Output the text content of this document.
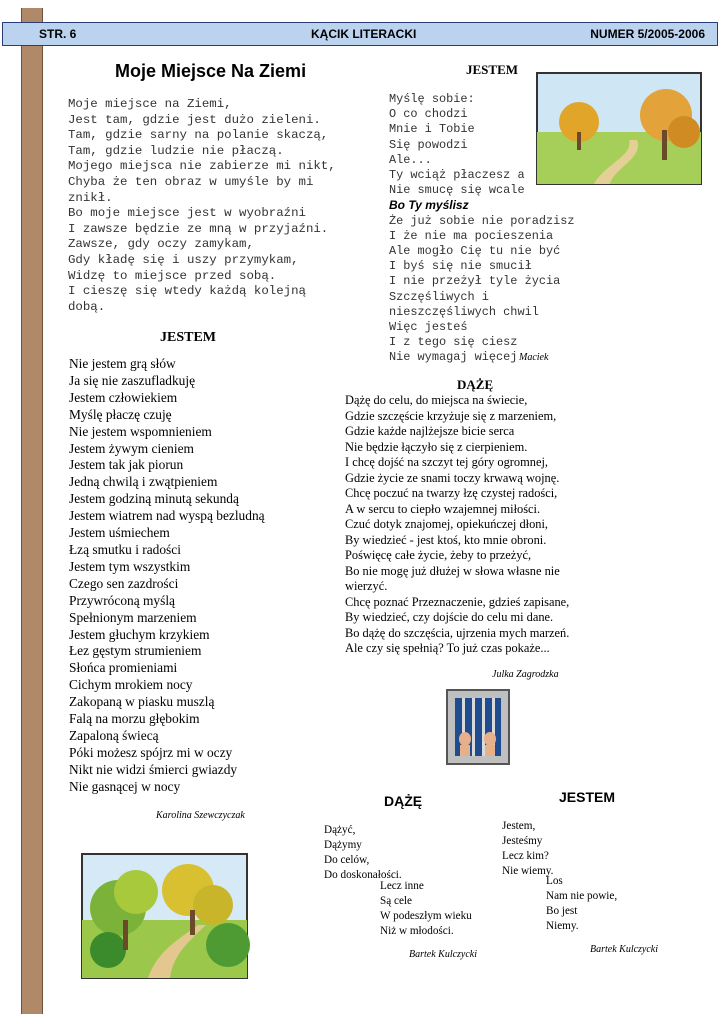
STR. 6	KĄCIK LITERACKI	NUMER 5/2005-2006
Moje Miejsce Na Ziemi

Moje miejsce na Ziemi,

Jest tam, gdzie jest dużo zieleni.

Tam, gdzie sarny na polanie skaczą,

Tam, gdzie ludzie nie płaczą.

Mojego miejsca nie zabierze mi nikt,

Chyba że ten obraz w umyśle by mi

znikł.

Bo moje miejsce jest w wyobraźni

I zawsze będzie ze mną w przyjaźni.

Zawsze, gdy oczy zamykam,

Gdy kładę się i uszy przymykam,

Widzę to miejsce przed sobą.

I cieszę się wtedy każdą kolejną

dobą.

JESTEM
Nie jestem grą słów
Ja się nie zaszufladkuję
Jestem człowiekiem
Myślę płaczę czuję
Nie jestem wspomnieniem
Jestem żywym cieniem
Jestem tak jak piorun
Jedną chwilą i zwątpieniem
Jestem godziną minutą sekundą
Jestem wiatrem nad wyspą bezludną
Jestem uśmiechem
Łzą smutku i radości
Jestem tym wszystkim
Czego sen zazdrości
Przywróconą myślą
Spełnionym marzeniem
Jestem głuchym krzykiem
Łez gęstym strumieniem
Słońca promieniami
Cichym mrokiem nocy
Zakopaną w piasku muszlą
Falą na morzu głębokim
Zapaloną świecą
Póki możesz spójrz mi w oczy
Nikt nie widzi śmierci gwiazdy
Nie gasnącej w nocy
Karolina Szewczyczak
JESTEM
Myślę sobie:
O co chodzi
Mnie i Tobie
Się powodzi
Ale...
Ty wciąż płaczesz a
Nie smucę się wcale
Bo Ty myślisz
Że już sobie nie poradzisz
I że nie ma pocieszenia
Ale mogło Cię tu nie być
I byś się nie smucił
I nie przeżył tyle życia
Szczęśliwych i
nieszczęśliwych chwil
Więc jesteś
I z tego się ciesz
Nie wymagaj więcej Maciek
DĄŻĘ
Dążę do celu, do miejsca na świecie,
Gdzie szczęście krzyżuje się z marzeniem,
Gdzie każde najlżejsze bicie serca
Nie będzie łączyło się z cierpieniem.
I chcę dojść na szczyt tej góry ogromnej,
Gdzie życie ze snami toczy krwawą wojnę.
Chcę poczuć na twarzy łzę czystej radości,
A w sercu to ciepło wzajemnej miłości.
Czuć dotyk znajomej, opiekuńczej dłoni,
By wiedzieć - jest ktoś, kto mnie obroni.
Poświęcę całe życie, żeby to przeżyć,
Bo nie mogę już dłużej w słowa własne nie
wierzyć.
Chcę poznać Przeznaczenie, gdzieś zapisane,
By wiedzieć, czy dojście do celu mi dane.
Bo dążę do szczęścia, ujrzenia mych marzeń.
Ale czy się spełnią? To już czas pokaże...
Julka Zagrodzka
DĄŻĘ
Dążyć,
Dążymy
Do celów,
Do doskonałości.
Lecz inne
Są cele
W podeszłym wieku
Niż w młodości.
Bartek Kulczycki
JESTEM
Jestem,
Jesteśmy
Lecz kim?
Nie wiemy.
Los
Nam nie powie,
Bo jest
Niemy.
Bartek Kulczycki
